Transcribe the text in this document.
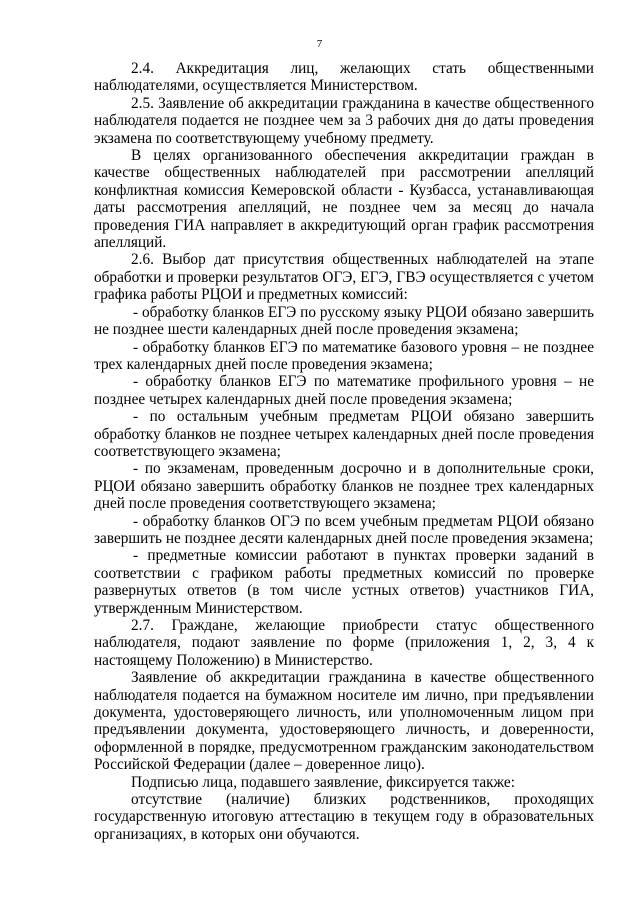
7

2.4. Аккредитация лиц, желающих стать общественными наблюдателями, осуществляется Министерством.

2.5. Заявление об аккредитации гражданина в качестве общественного наблюдателя подается не позднее чем за 3 рабочих дня до даты проведения экзамена по соответствующему учебному предмету.

В целях организованного обеспечения аккредитации граждан в качестве общественных наблюдателей при рассмотрении апелляций конфликтная комиссия Кемеровской области - Кузбасса, устанавливающая даты рассмотрения апелляций, не позднее чем за месяц до начала проведения ГИА направляет в аккредитующий орган график рассмотрения апелляций.

2.6. Выбор дат присутствия общественных наблюдателей на этапе обработки и проверки результатов ОГЭ, ЕГЭ, ГВЭ осуществляется с учетом графика работы РЦОИ и предметных комиссий:

- обработку бланков ЕГЭ по русскому языку РЦОИ обязано завершить не позднее шести календарных дней после проведения экзамена;

- обработку бланков ЕГЭ по математике базового уровня – не позднее трех календарных дней после проведения экзамена;

- обработку бланков ЕГЭ по математике профильного уровня – не позднее четырех календарных дней после проведения экзамена;

- по остальным учебным предметам РЦОИ обязано завершить обработку бланков не позднее четырех календарных дней после проведения соответствующего экзамена;

- по экзаменам, проведенным досрочно и в дополнительные сроки, РЦОИ обязано завершить обработку бланков не позднее трех календарных дней после проведения соответствующего экзамена;

- обработку бланков ОГЭ по всем учебным предметам РЦОИ обязано завершить не позднее десяти календарных дней после проведения экзамена;

- предметные комиссии работают в пунктах проверки заданий в соответствии с графиком работы предметных комиссий по проверке развернутых ответов (в том числе устных ответов) участников ГИА, утвержденным Министерством.

2.7. Граждане, желающие приобрести статус общественного наблюдателя, подают заявление по форме (приложения 1, 2, 3, 4 к настоящему Положению) в Министерство.

Заявление об аккредитации гражданина в качестве общественного наблюдателя подается на бумажном носителе им лично, при предъявлении документа, удостоверяющего личность, или уполномоченным лицом при предъявлении документа, удостоверяющего личность, и доверенности, оформленной в порядке, предусмотренном гражданским законодательством Российской Федерации (далее – доверенное лицо).

Подписью лица, подавшего заявление, фиксируется также:

отсутствие (наличие) близких родственников, проходящих государственную итоговую аттестацию в текущем году в образовательных организациях, в которых они обучаются.
